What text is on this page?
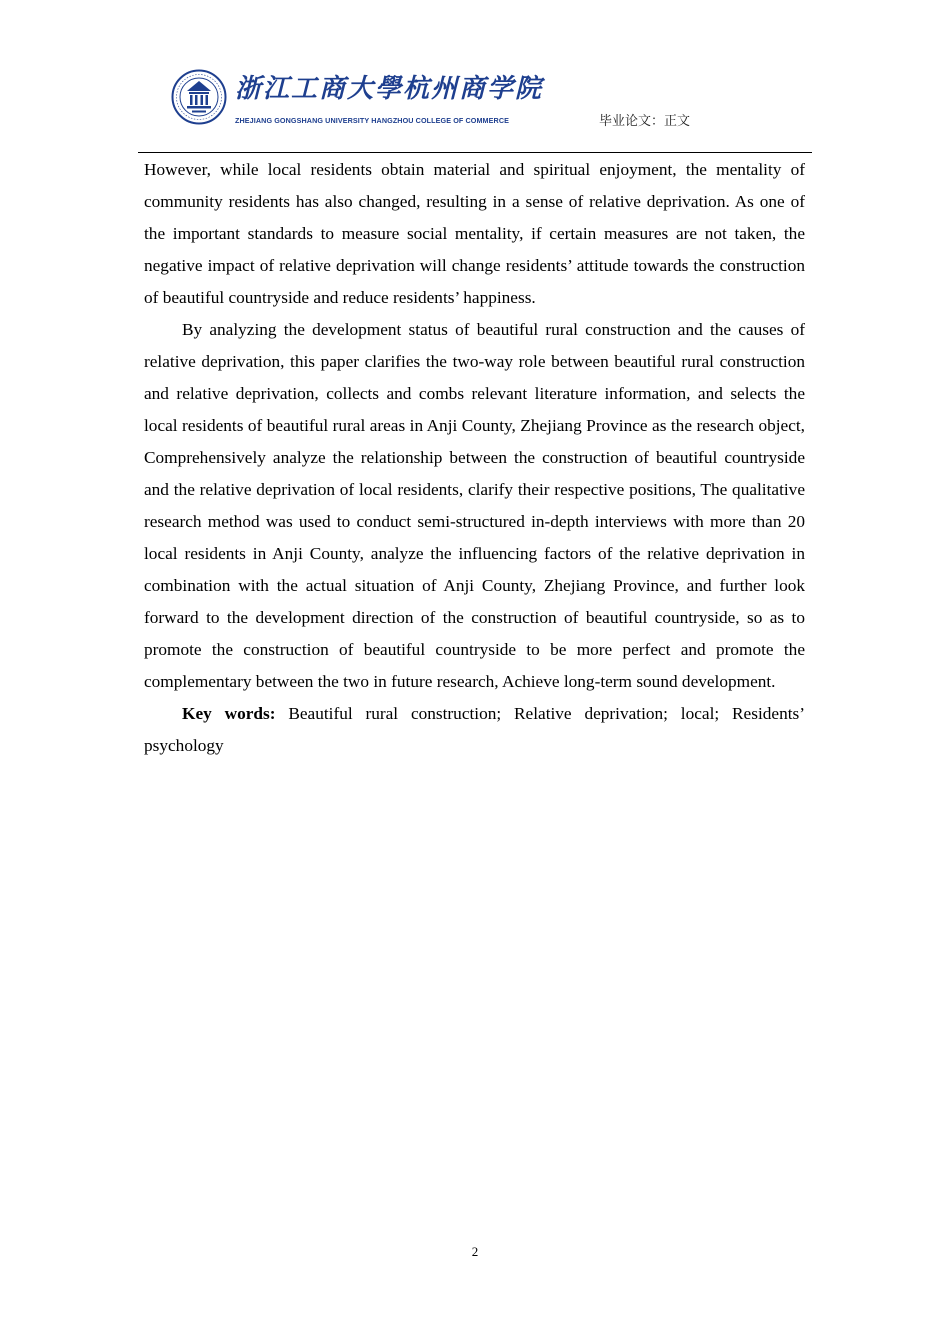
浙江工商大學杭州商学院
ZHEJIANG GONGSHANG UNIVERSITY HANGZHOU COLLEGE OF COMMERCE	毕业论文：正文

However, while local residents obtain material and spiritual enjoyment, the mentality of community residents has also changed, resulting in a sense of relative deprivation. As one of the important standards to measure social mentality, if certain measures are not taken, the negative impact of relative deprivation will change residents’ attitude towards the construction of beautiful countryside and reduce residents’ happiness.

By analyzing the development status of beautiful rural construction and the causes of relative deprivation, this paper clarifies the two-way role between beautiful rural construction and relative deprivation, collects and combs relevant literature information, and selects the local residents of beautiful rural areas in Anji County, Zhejiang Province as the research object, Comprehensively analyze the relationship between the construction of beautiful countryside and the relative deprivation of local residents, clarify their respective positions, The qualitative research method was used to conduct semi-structured in-depth interviews with more than 20 local residents in Anji County, analyze the influencing factors of the relative deprivation in combination with the actual situation of Anji County, Zhejiang Province, and further look forward to the development direction of the construction of beautiful countryside, so as to promote the construction of beautiful countryside to be more perfect and promote the complementary between the two in future research, Achieve long-term sound development.

Key words: Beautiful rural construction; Relative deprivation; local; Residents’ psychology

2
